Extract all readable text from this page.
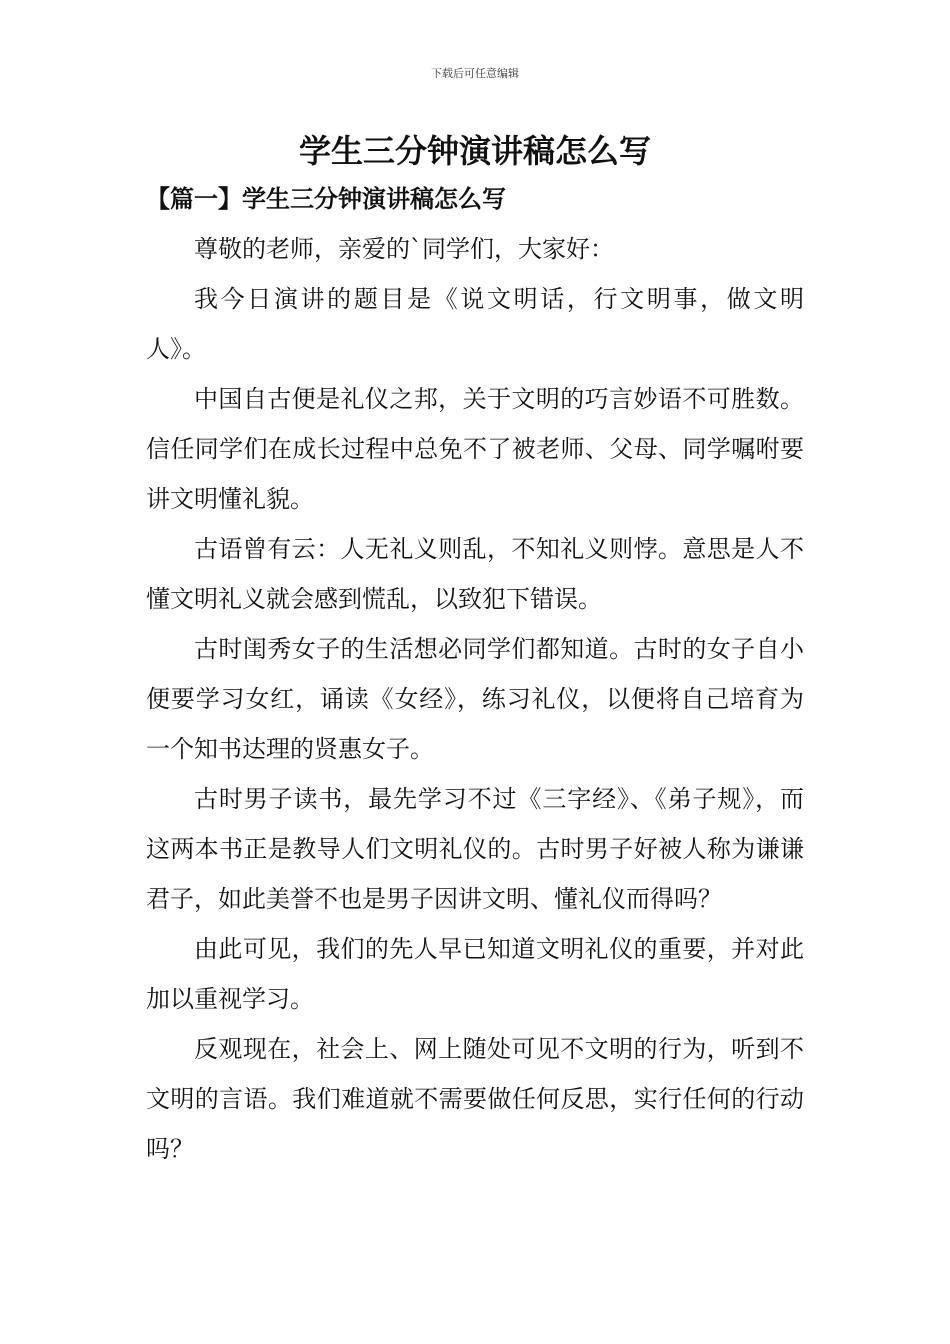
下载后可任意编辑
学生三分钟演讲稿怎么写
【篇一】学生三分钟演讲稿怎么写

尊敬的老师，亲爱的`同学们，大家好：

我今日演讲的题目是《说文明话，行文明事，做文明人》。

中国自古便是礼仪之邦，关于文明的巧言妙语不可胜数。信任同学们在成长过程中总免不了被老师、父母、同学嘱咐要讲文明懂礼貌。

古语曾有云：人无礼义则乱，不知礼义则悖。意思是人不懂文明礼义就会感到慌乱，以致犯下错误。

古时闺秀女子的生活想必同学们都知道。古时的女子自小便要学习女红，诵读《女经》，练习礼仪，以便将自己培育为一个知书达理的贤惠女子。

古时男子读书，最先学习不过《三字经》、《弟子规》，而这两本书正是教导人们文明礼仪的。古时男子好被人称为谦谦君子，如此美誉不也是男子因讲文明、懂礼仪而得吗？

由此可见，我们的先人早已知道文明礼仪的重要，并对此加以重视学习。

反观现在，社会上、网上随处可见不文明的行为，听到不文明的言语。我们难道就不需要做任何反思，实行任何的行动吗？
